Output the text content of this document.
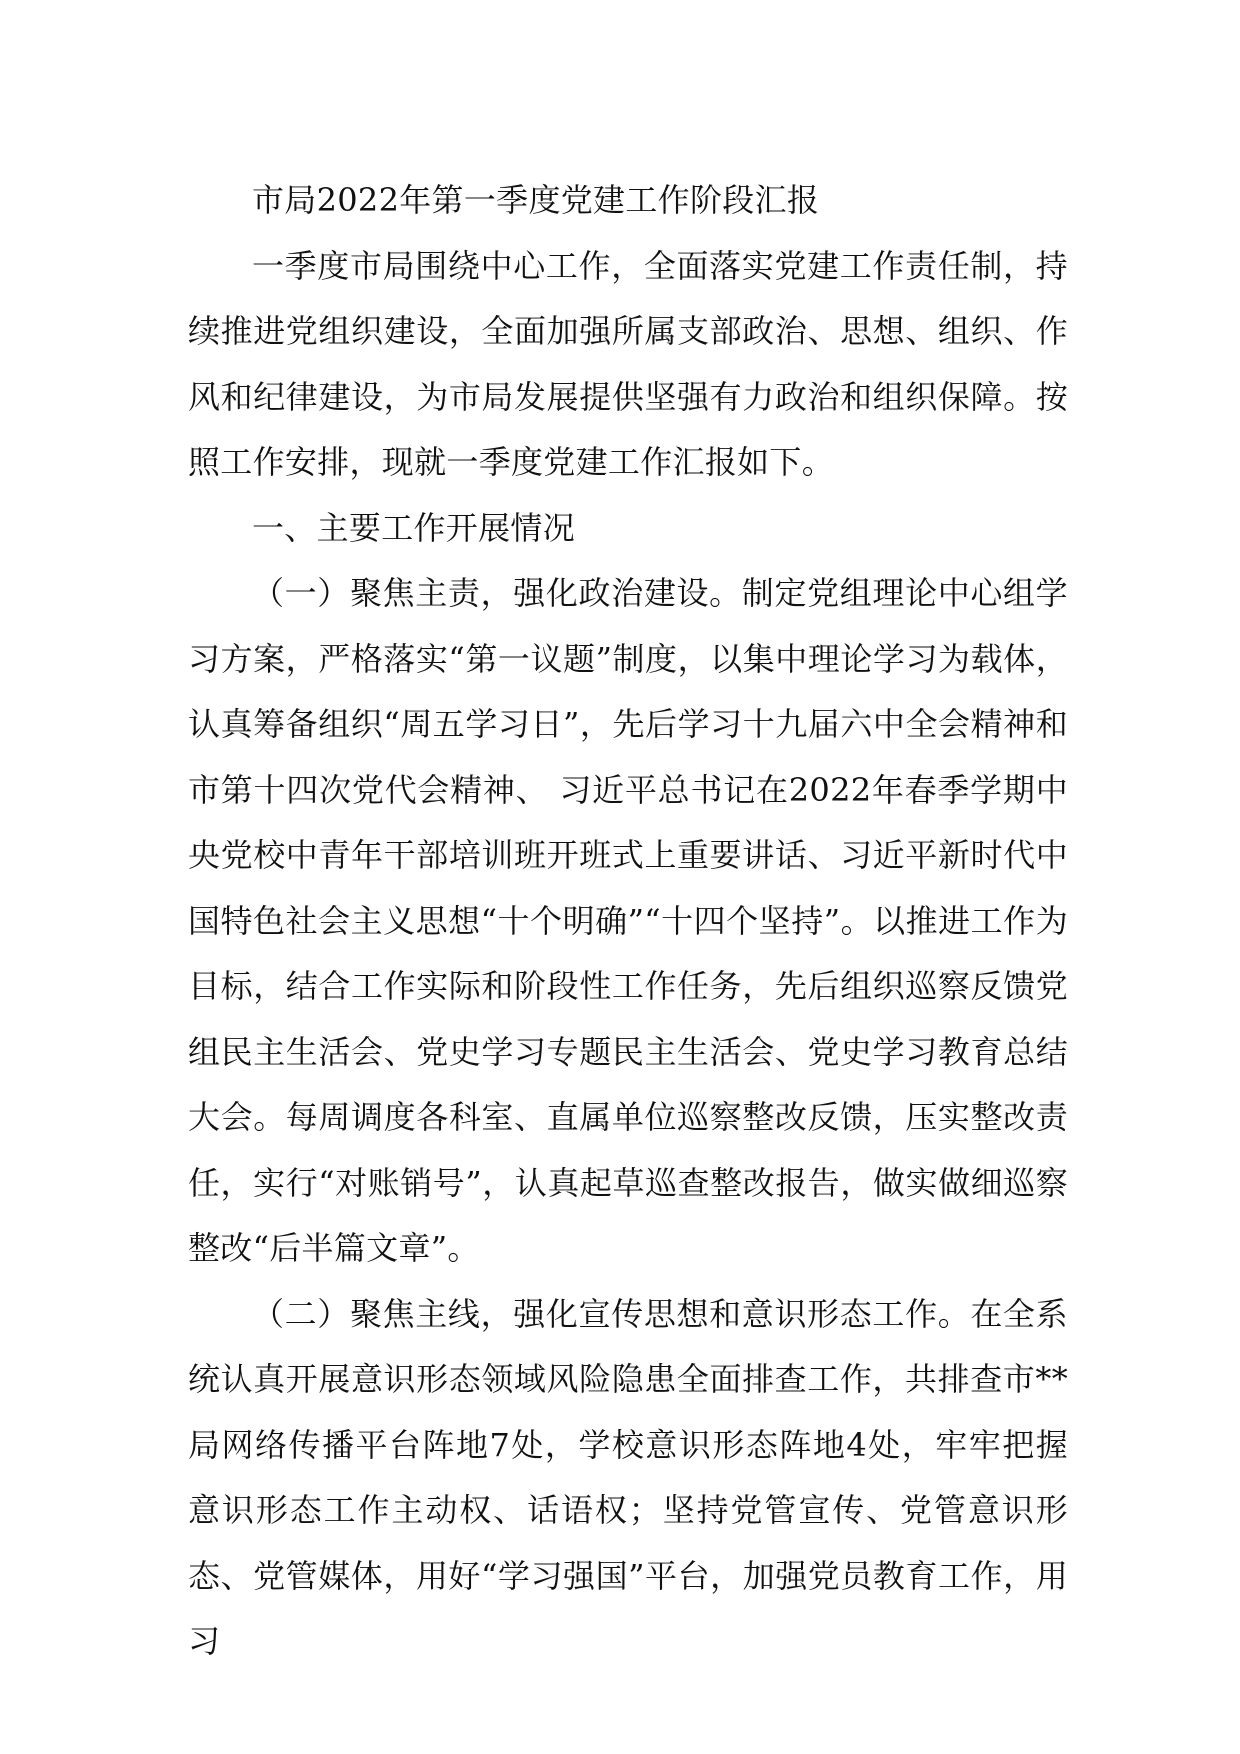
市局2022年第一季度党建工作阶段汇报

一季度市局围绕中心工作，全面落实党建工作责任制，持续推进党组织建设，全面加强所属支部政治、思想、组织、作风和纪律建设，为市局发展提供坚强有力政治和组织保障。按照工作安排，现就一季度党建工作汇报如下。

一、主要工作开展情况

（一）聚焦主责，强化政治建设。制定党组理论中心组学习方案，严格落实“第一议题”制度，以集中理论学习为载体，认真筹备组织“周五学习日”，先后学习十九届六中全会精神和市第十四次党代会精神、 习近平总书记在2022年春季学期中央党校中青年干部培训班开班式上重要讲话、习近平新时代中国特色社会主义思想“十个明确”“十四个坚持”。以推进工作为目标，结合工作实际和阶段性工作任务，先后组织巡察反馈党组民主生活会、党史学习专题民主生活会、党史学习教育总结大会。每周调度各科室、直属单位巡察整改反馈，压实整改责任，实行“对账销号”，认真起草巡查整改报告，做实做细巡察整改“后半篇文章”。

（二）聚焦主线，强化宣传思想和意识形态工作。在全系统认真开展意识形态领域风险隐患全面排查工作，共排查市**局网络传播平台阵地7处，学校意识形态阵地4处，牢牢把握意识形态工作主动权、话语权；坚持党管宣传、党管意识形态、党管媒体，用好“学习强国”平台，加强党员教育工作，用习
